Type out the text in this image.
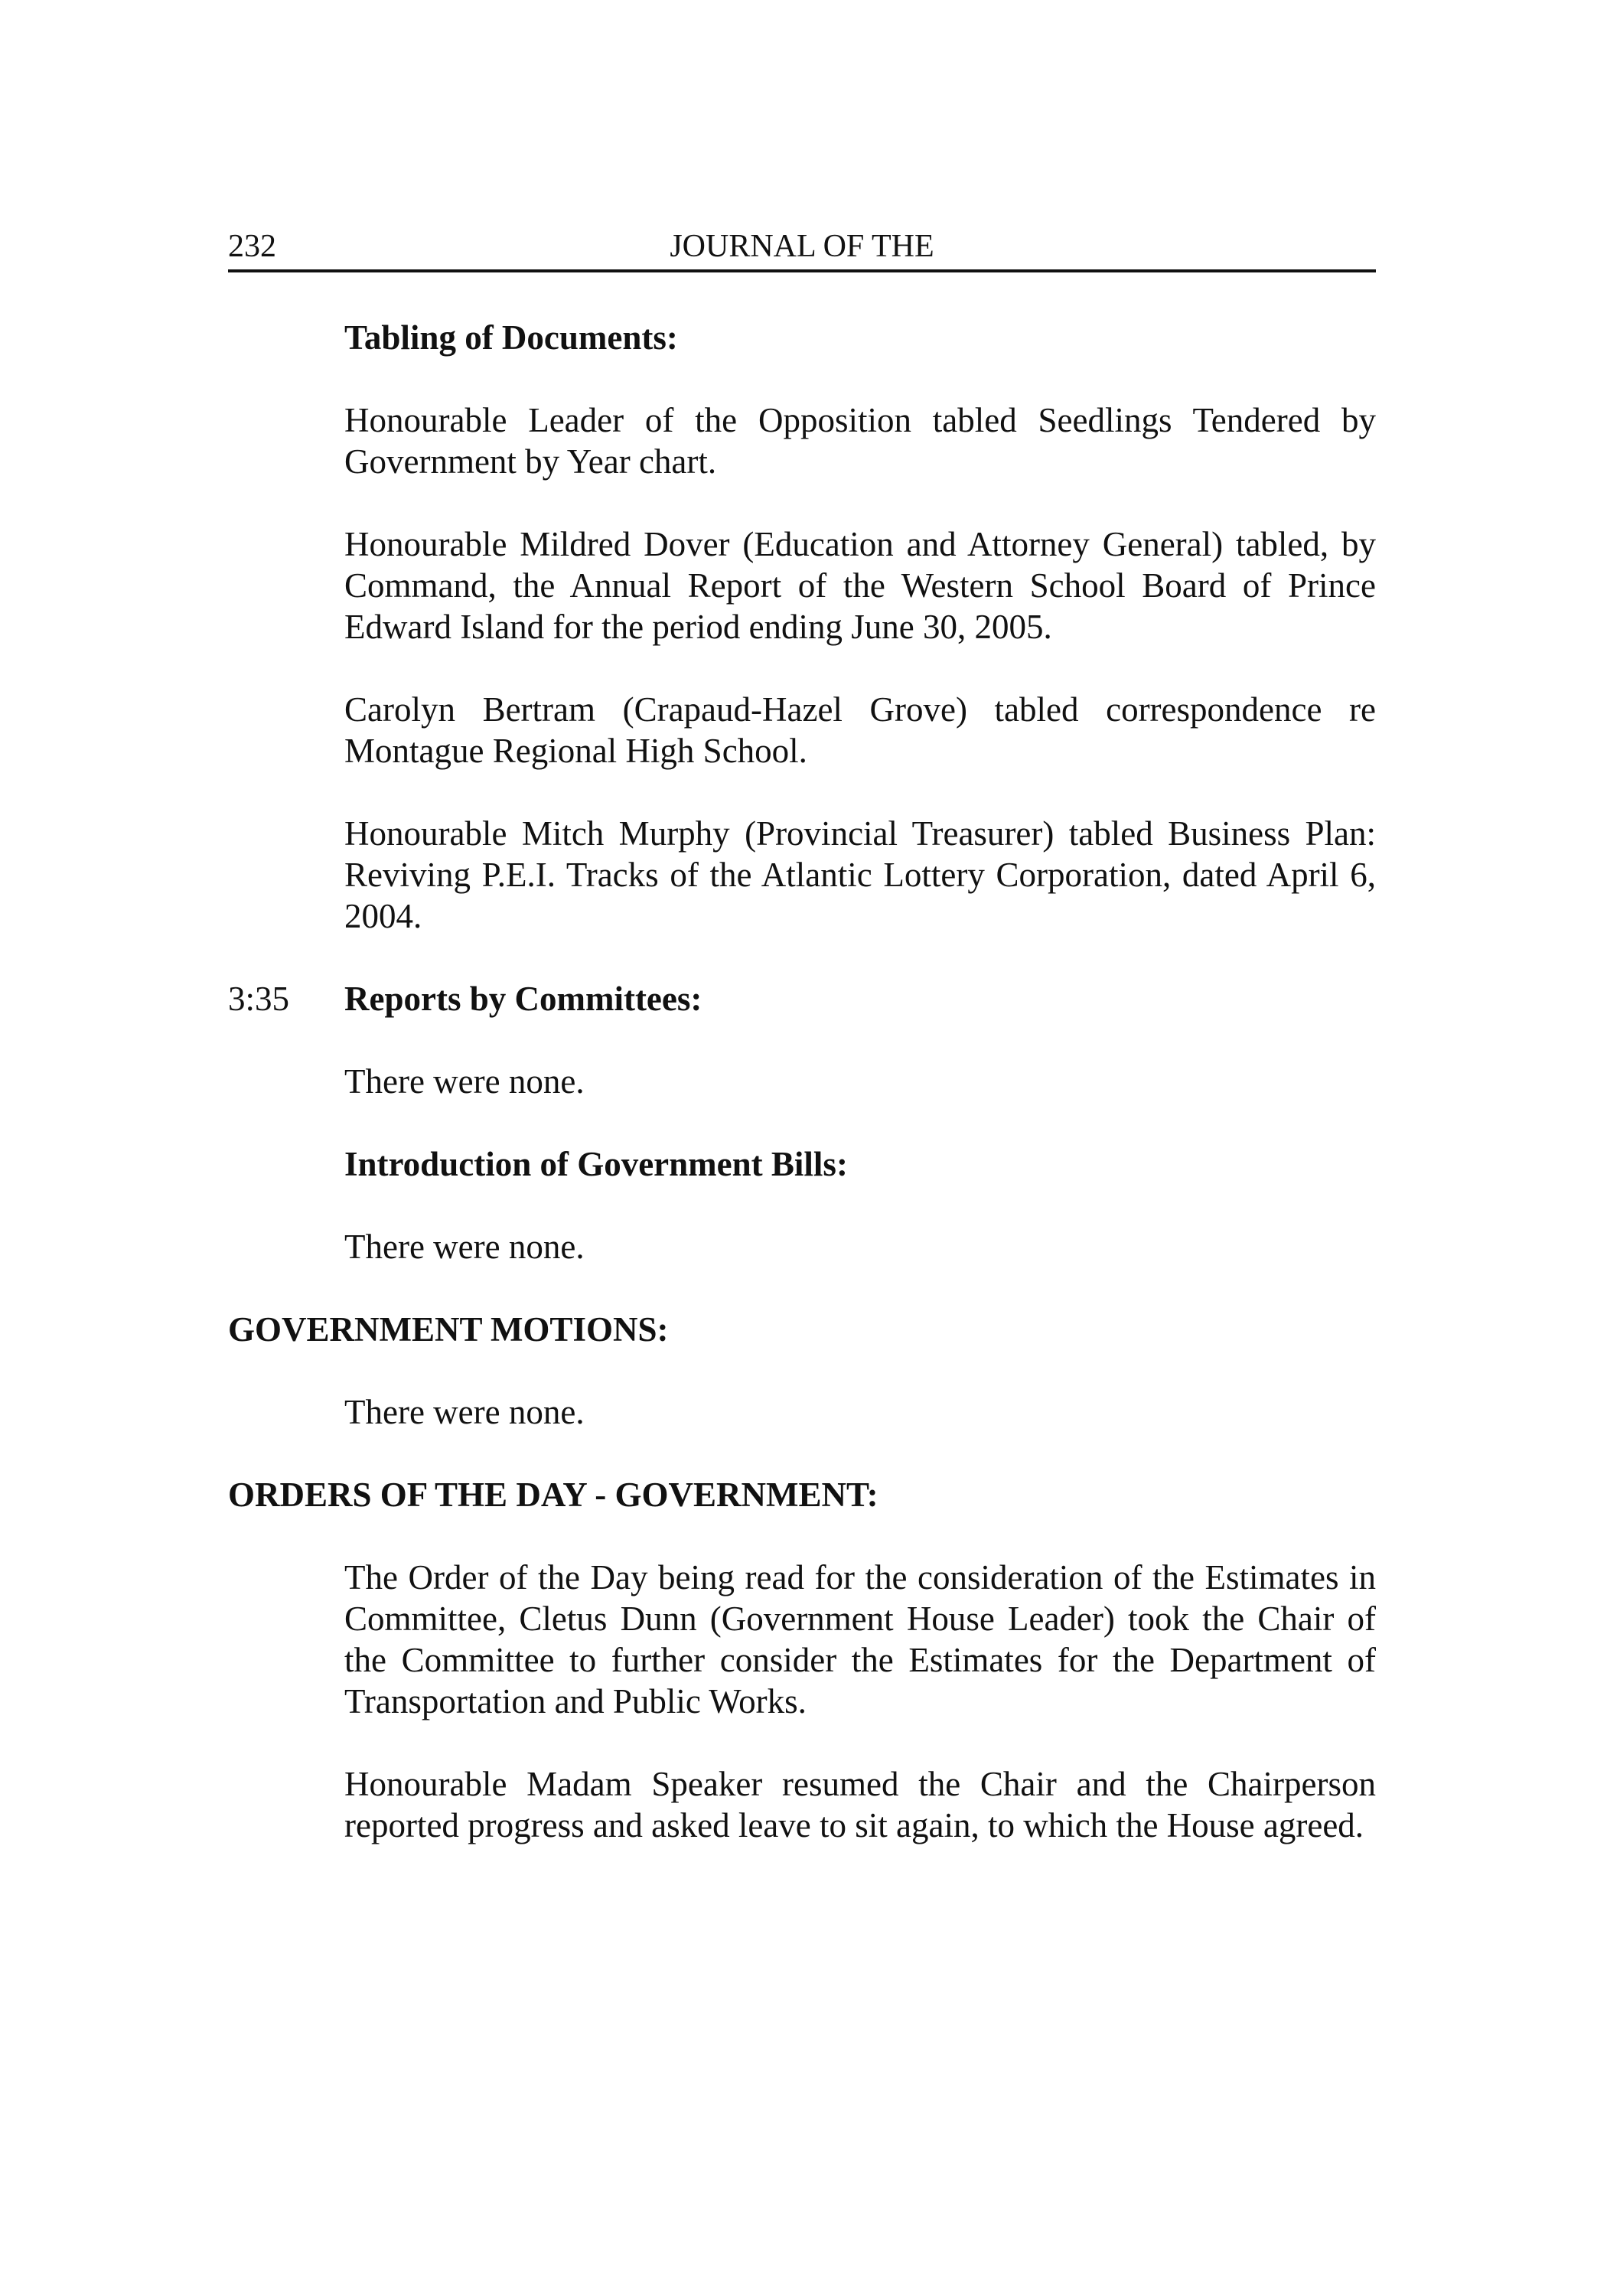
232	JOURNAL OF THE

Tabling of Documents:

Honourable Leader of the Opposition tabled Seedlings Tendered by Government by Year chart.

Honourable Mildred Dover (Education and Attorney General) tabled, by Command, the Annual Report of the Western School Board of Prince Edward Island for the period ending June 30, 2005.

Carolyn Bertram (Crapaud-Hazel Grove) tabled correspondence re Montague Regional High School.

Honourable Mitch Murphy (Provincial Treasurer) tabled Business Plan: Reviving P.E.I. Tracks of the Atlantic Lottery Corporation, dated April 6, 2004.

3:35 Reports by Committees:

There were none.

Introduction of Government Bills:

There were none.

GOVERNMENT MOTIONS:

There were none.

ORDERS OF THE DAY - GOVERNMENT:

The Order of the Day being read for the consideration of the Estimates in Committee, Cletus Dunn (Government House Leader) took the Chair of the Committee to further consider the Estimates for the Department of Transportation and Public Works.

Honourable Madam Speaker resumed the Chair and the Chairperson reported progress and asked leave to sit again, to which the House agreed.
